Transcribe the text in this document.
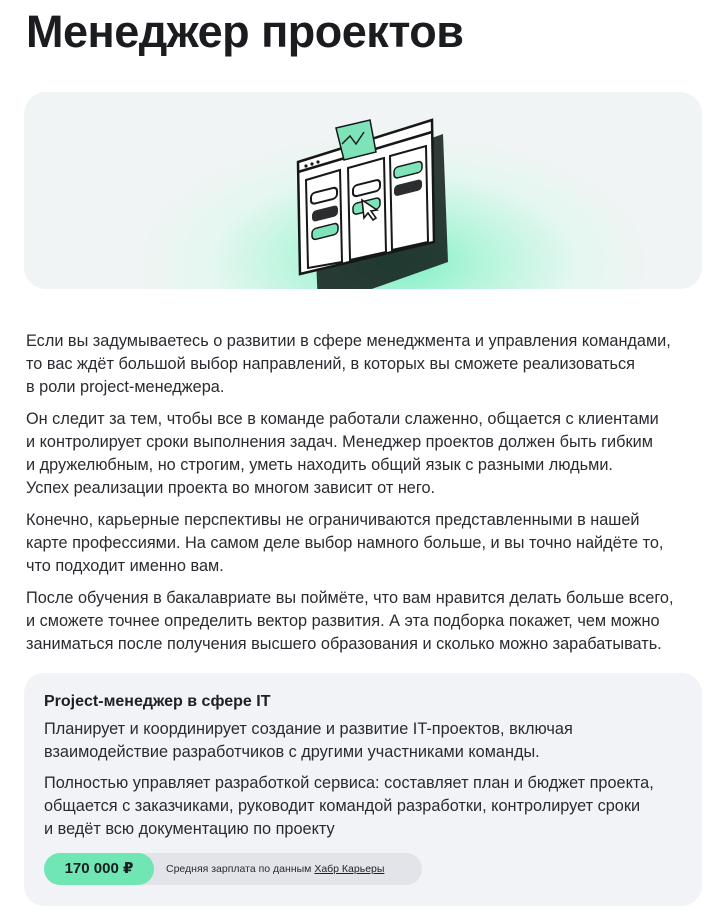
Менеджер проектов

Если вы задумываетесь о развитии в сфере менеджмента и управления командами,
то вас ждёт большой выбор направлений, в которых вы сможете реализоваться
в роли project-менеджера.

Он следит за тем, чтобы все в команде работали слаженно, общается с клиентами
и контролирует сроки выполнения задач. Менеджер проектов должен быть гибким
и дружелюбным, но строгим, уметь находить общий язык с разными людьми.
Успех реализации проекта во многом зависит от него.

Конечно, карьерные перспективы не ограничиваются представленными в нашей
карте профессиями. На самом деле выбор намного больше, и вы точно найдёте то,
что подходит именно вам.

После обучения в бакалавриате вы поймёте, что вам нравится делать больше всего,
и сможете точнее определить вектор развития. А эта подборка покажет, чем можно
заниматься после получения высшего образования и сколько можно зарабатывать.

Project-менеджер в сфере IT

Планирует и координирует создание и развитие IT-проектов, включая
взаимодействие разработчиков с другими участниками команды.

Полностью управляет разработкой сервиса: составляет план и бюджет проекта,
общается с заказчиками, руководит командой разработки, контролирует сроки
и ведёт всю документацию по проекту

Средняя зарплата по данным Хабр Карьеры
170 000 ₽
